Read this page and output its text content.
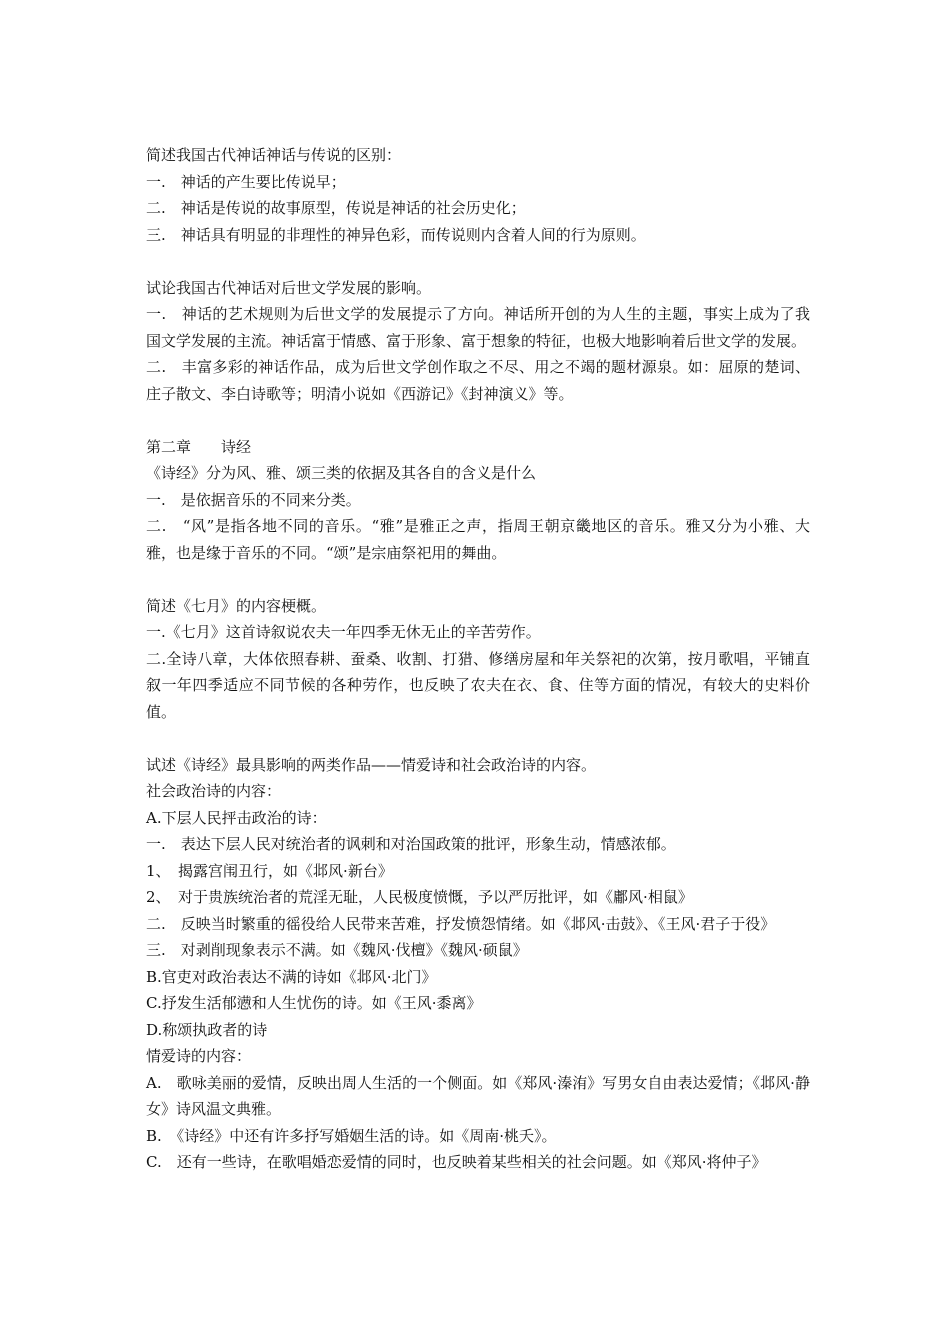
简述我国古代神话神话与传说的区别：
一.　神话的产生要比传说早；
二.　神话是传说的故事原型，传说是神话的社会历史化；
三.　神话具有明显的非理性的神异色彩，而传说则内含着人间的行为原则。
试论我国古代神话对后世文学发展的影响。
一.　神话的艺术规则为后世文学的发展提示了方向。神话所开创的为人生的主题，事实上成为了我国文学发展的主流。神话富于情感、富于形象、富于想象的特征，也极大地影响着后世文学的发展。
二.　丰富多彩的神话作品，成为后世文学创作取之不尽、用之不竭的题材源泉。如：屈原的楚词、庄子散文、李白诗歌等；明清小说如《西游记》《封神演义》等。
第二章　　诗经
《诗经》分为风、雅、颂三类的依据及其各自的含义是什么
一.　是依据音乐的不同来分类。
二.　“风”是指各地不同的音乐。“雅”是雅正之声，指周王朝京畿地区的音乐。雅又分为小雅、大雅，也是缘于音乐的不同。“颂”是宗庙祭祀用的舞曲。
简述《七月》的内容梗概。
一.《七月》这首诗叙说农夫一年四季无休无止的辛苦劳作。
二.全诗八章，大体依照春耕、蚕桑、收割、打猎、修缮房屋和年关祭祀的次第，按月歌唱，平铺直叙一年四季适应不同节候的各种劳作，也反映了农夫在衣、食、住等方面的情况，有较大的史料价值。
试述《诗经》最具影响的两类作品——情爱诗和社会政治诗的内容。
社会政治诗的内容：
A.下层人民抨击政治的诗：
一.　表达下层人民对统治者的讽刺和对治国政策的批评，形象生动，情感浓郁。
1、　揭露宫闱丑行，如《邶风·新台》
2、　对于贵族统治者的荒淫无耻，人民极度愤慨，予以严厉批评，如《鄘风·相鼠》
二.　反映当时繁重的徭役给人民带来苦难，抒发愤怨情绪。如《邶风·击鼓》、《王风·君子于役》
三.　对剥削现象表示不满。如《魏风·伐檀》《魏风·硕鼠》
B.官吏对政治表达不满的诗如《邶风·北门》
C.抒发生活郁懑和人生忧伤的诗。如《王风·黍离》
D.称颂执政者的诗
情爱诗的内容：
A.　歌咏美丽的爱情，反映出周人生活的一个侧面。如《郑风·溱洧》写男女自由表达爱情；《邶风·静女》诗风温文典雅。
B.　《诗经》中还有许多抒写婚姻生活的诗。如《周南·桃夭》。
C.　还有一些诗，在歌唱婚恋爱情的同时，也反映着某些相关的社会问题。如《郑风·将仲子》
